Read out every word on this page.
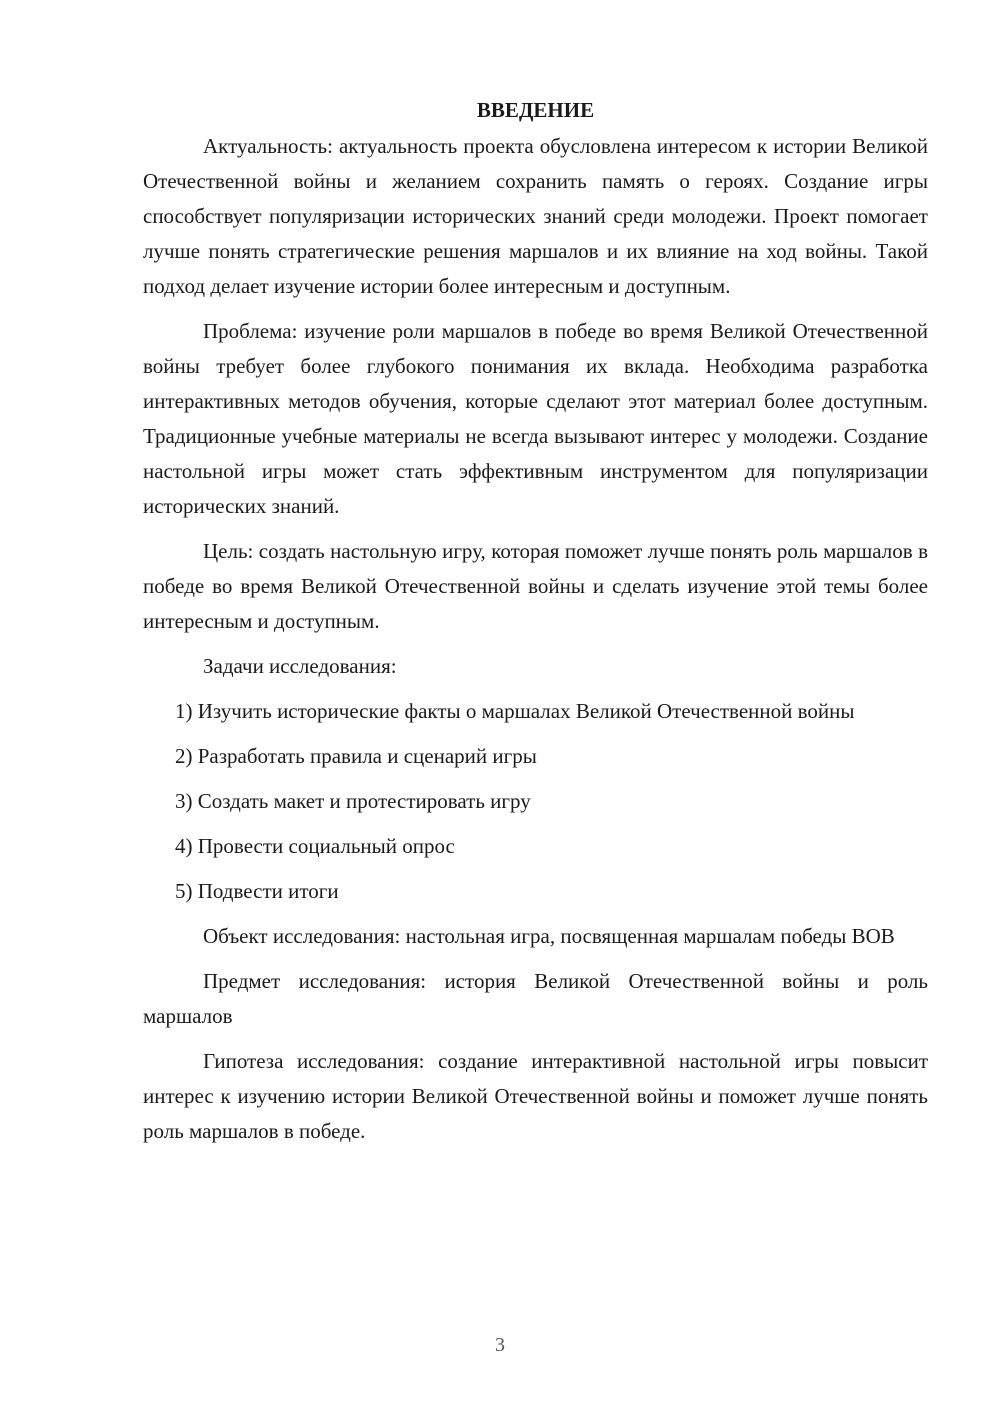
ВВЕДЕНИЕ

Актуальность: актуальность проекта обусловлена интересом к истории Великой Отечественной войны и желанием сохранить память о героях. Создание игры способствует популяризации исторических знаний среди молодежи. Проект помогает лучше понять стратегические решения маршалов и их влияние на ход войны. Такой подход делает изучение истории более интересным и доступным.

Проблема: изучение роли маршалов в победе во время Великой Отечественной войны требует более глубокого понимания их вклада. Необходима разработка интерактивных методов обучения, которые сделают этот материал более доступным. Традиционные учебные материалы не всегда вызывают интерес у молодежи. Создание настольной игры может стать эффективным инструментом для популяризации исторических знаний.

Цель: создать настольную игру, которая поможет лучше понять роль маршалов в победе во время Великой Отечественной войны и сделать изучение этой темы более интересным и доступным.

Задачи исследования:

1) Изучить исторические факты о маршалах Великой Отечественной войны

2) Разработать правила и сценарий игры

3) Создать макет и протестировать игру

4) Провести социальный опрос

5) Подвести итоги

Объект исследования: настольная игра, посвященная маршалам победы ВОВ

Предмет исследования: история Великой Отечественной войны и роль маршалов

Гипотеза исследования: создание интерактивной настольной игры повысит интерес к изучению истории Великой Отечественной войны и поможет лучше понять роль маршалов в победе.

3
